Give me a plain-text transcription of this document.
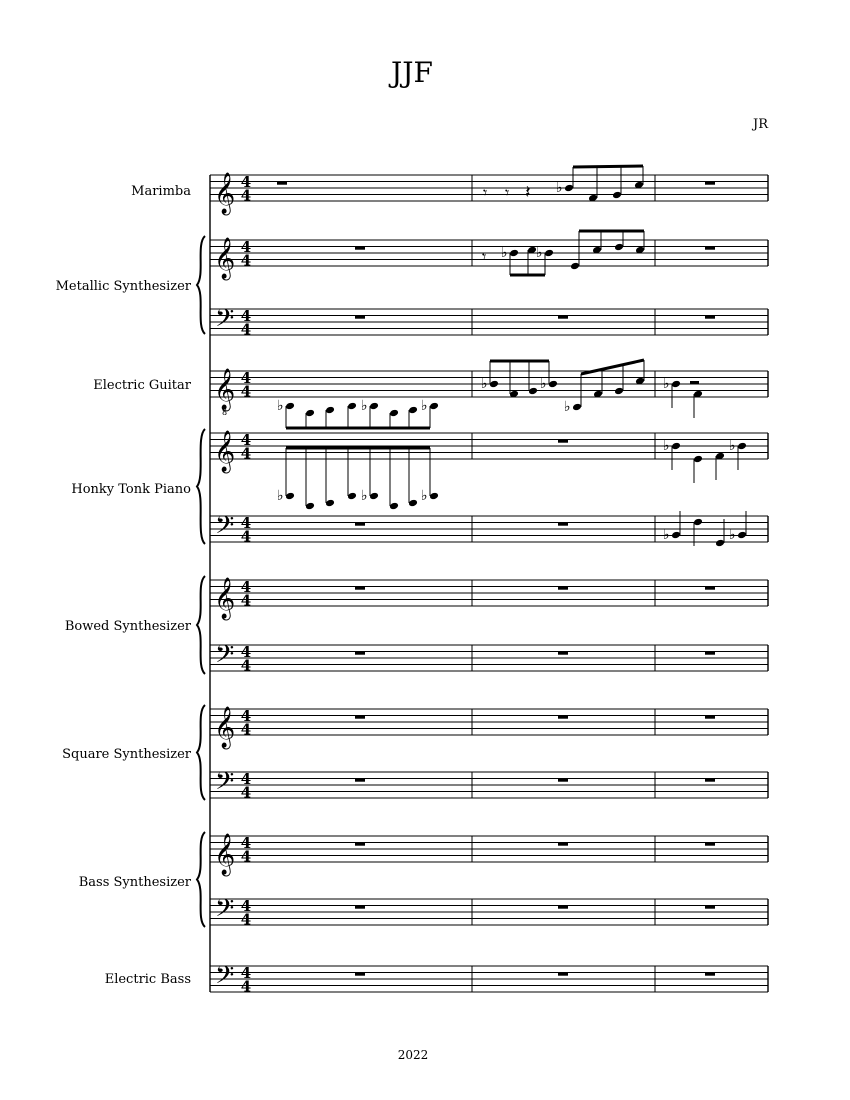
JJF
JR
2022
Marimba
Metallic Synthesizer
Electric Guitar
Honky Tonk Piano
Bowed Synthesizer
Square Synthesizer
Bass Synthesizer
Electric Bass
𝄞 4
4
𝄞 4
4
𝄢 4
4
𝄞
8
4
4
𝄞 4
4
𝄢 4
4
𝄞 4
4
𝄢 4
4
𝄞 4
4
𝄢 4
4
𝄞 4
4
𝄢 4
4
𝄢 4
4
𝄾 𝄾 𝄽 ♭
𝄾 ♭ ♭
♭	♭	♭
♭	♭
♭
♭
♭	♭	♭
♭	♭
♭	♭
